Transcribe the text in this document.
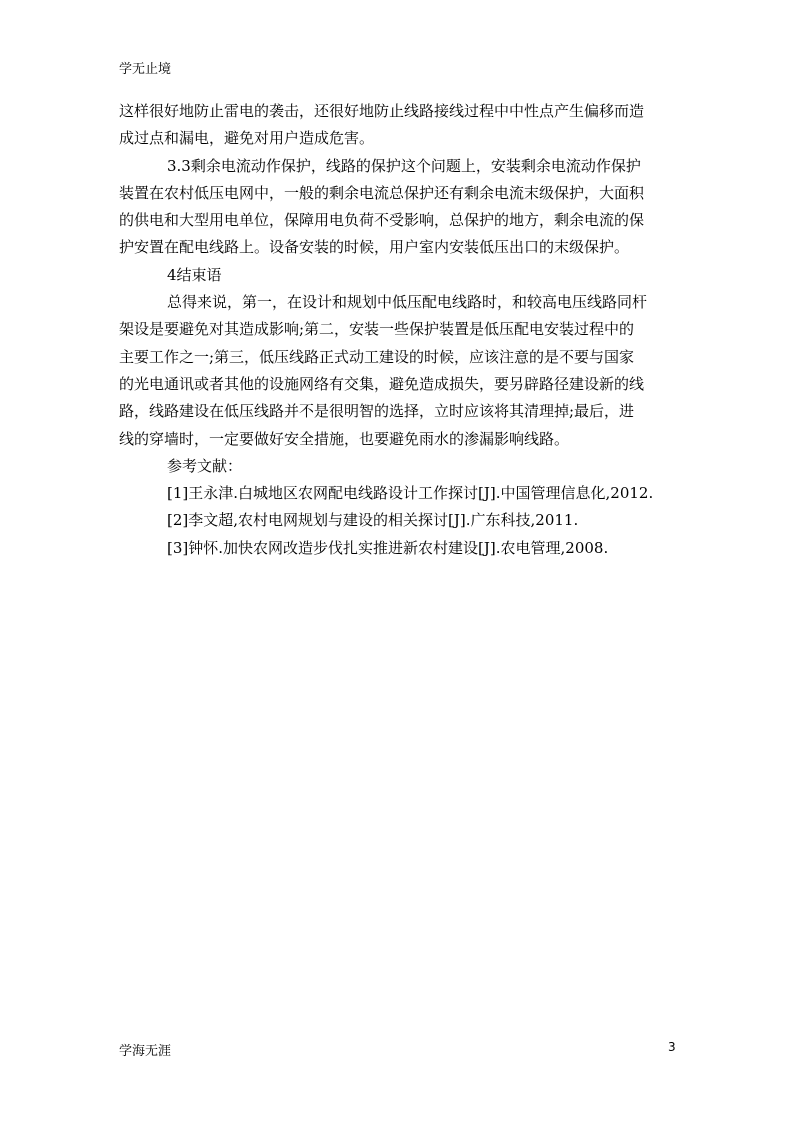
学无止境

这样很好地防止雷电的袭击，还很好地防止线路接线过程中中性点产生偏移而造

成过点和漏电，避免对用户造成危害。

3.3剩余电流动作保护，线路的保护这个问题上，安装剩余电流动作保护

装置在农村低压电网中，一般的剩余电流总保护还有剩余电流末级保护，大面积

的供电和大型用电单位，保障用电负荷不受影响，总保护的地方，剩余电流的保

护安置在配电线路上。设备安装的时候，用户室内安装低压出口的末级保护。

4结束语

总得来说，第一，在设计和规划中低压配电线路时，和较高电压线路同杆

架设是要避免对其造成影响;第二，安装一些保护装置是低压配电安装过程中的

主要工作之一;第三，低压线路正式动工建设的时候，应该注意的是不要与国家

的光电通讯或者其他的设施网络有交集，避免造成损失，要另辟路径建设新的线

路，线路建设在低压线路并不是很明智的选择，立时应该将其清理掉;最后，进

线的穿墙时，一定要做好安全措施，也要避免雨水的渗漏影响线路。

参考文献：

[1]王永津.白城地区农网配电线路设计工作探讨[J].中国管理信息化,2012.

[2]李文超,农村电网规划与建设的相关探讨[J].广东科技,2011.

[3]钟怀.加快农网改造步伐扎实推进新农村建设[J].农电管理,2008.

学海无涯	3
